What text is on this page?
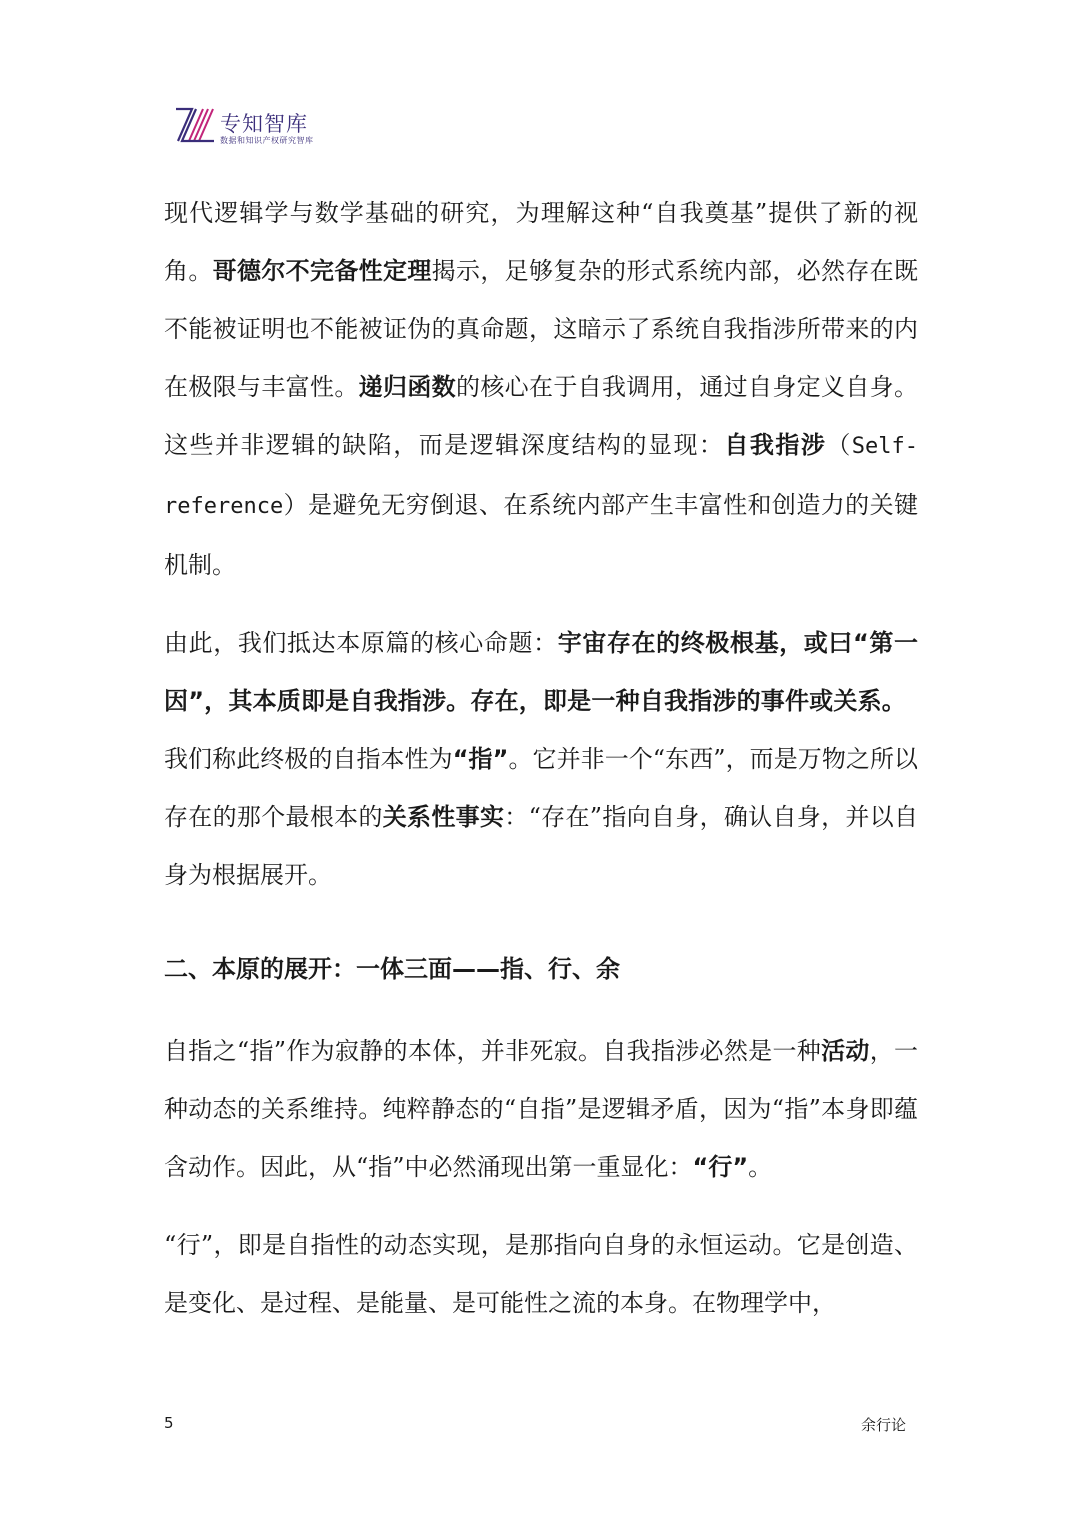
专知智库
数据和知识产权研究智库

现代逻辑学与数学基础的研究，为理解这种“自我奠基”提供了新的视角。哥德尔不完备性定理揭示，足够复杂的形式系统内部，必然存在既不能被证明也不能被证伪的真命题，这暗示了系统自我指涉所带来的内在极限与丰富性。递归函数的核心在于自我调用，通过自身定义自身。这些并非逻辑的缺陷，而是逻辑深度结构的显现：自我指涉（Self-reference）是避免无穷倒退、在系统内部产生丰富性和创造力的关键机制。

由此，我们抵达本原篇的核心命题：宇宙存在的终极根基，或曰“第一因”，其本质即是自我指涉。存在，即是一种自我指涉的事件或关系。　我们称此终极的自指本性为“指”。它并非一个“东西”，而是万物之所以存在的那个最根本的关系性事实：“存在”指向自身，确认自身，并以自身为根据展开。

二、本原的展开：一体三面——指、行、余

自指之“指”作为寂静的本体，并非死寂。自我指涉必然是一种活动，一种动态的关系维持。纯粹静态的“自指”是逻辑矛盾，因为“指”本身即蕴含动作。因此，从“指”中必然涌现出第一重显化：“行”。

“行”，即是自指性的动态实现，是那指向自身的永恒运动。它是创造、是变化、是过程、是能量、是可能性之流的本身。在物理学中，

5	余行论
